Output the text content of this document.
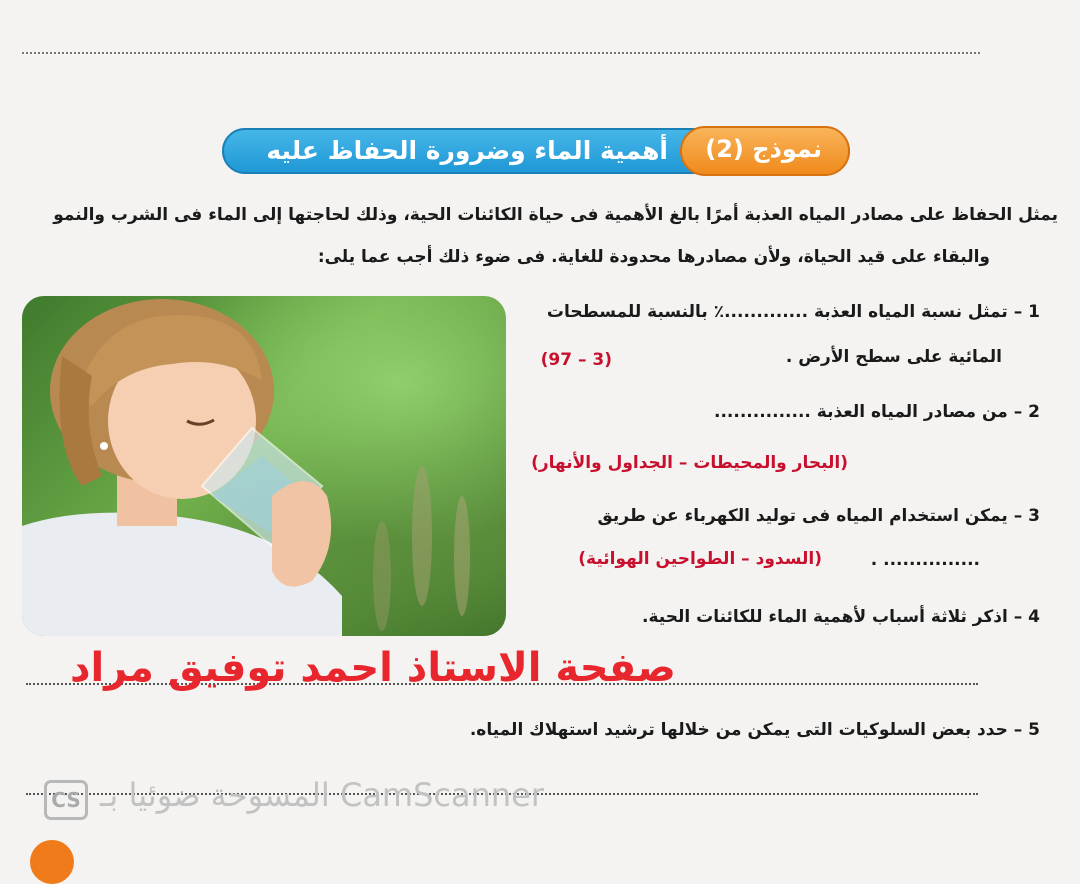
نموذج (2)
أهمية الماء وضرورة الحفاظ عليه
يمثل الحفاظ على مصادر المياه العذبة أمرًا بالغ الأهمية فى حياة الكائنات الحية، وذلك لحاجتها إلى الماء فى الشرب والنمو
والبقاء على قيد الحياة، ولأن مصادرها محدودة للغاية. فى ضوء ذلك أجب عما يلى:
1 – تمثل نسبة المياه العذبة .............٪ بالنسبة للمسطحات
المائية على سطح الأرض .
(3 – 97)
2 – من مصادر المياه العذبة ...............
(البحار والمحيطات – الجداول والأنهار)
3 – يمكن استخدام المياه فى توليد الكهرباء عن طريق
............... .
(السدود – الطواحين الهوائية)
4 – اذكر ثلاثة أسباب لأهمية الماء للكائنات الحية.
صفحة الاستاذ احمد توفيق مراد
5 – حدد بعض السلوكيات التى يمكن من خلالها ترشيد استهلاك المياه.
CS المسوحة ضوئيا بـ CamScanner
